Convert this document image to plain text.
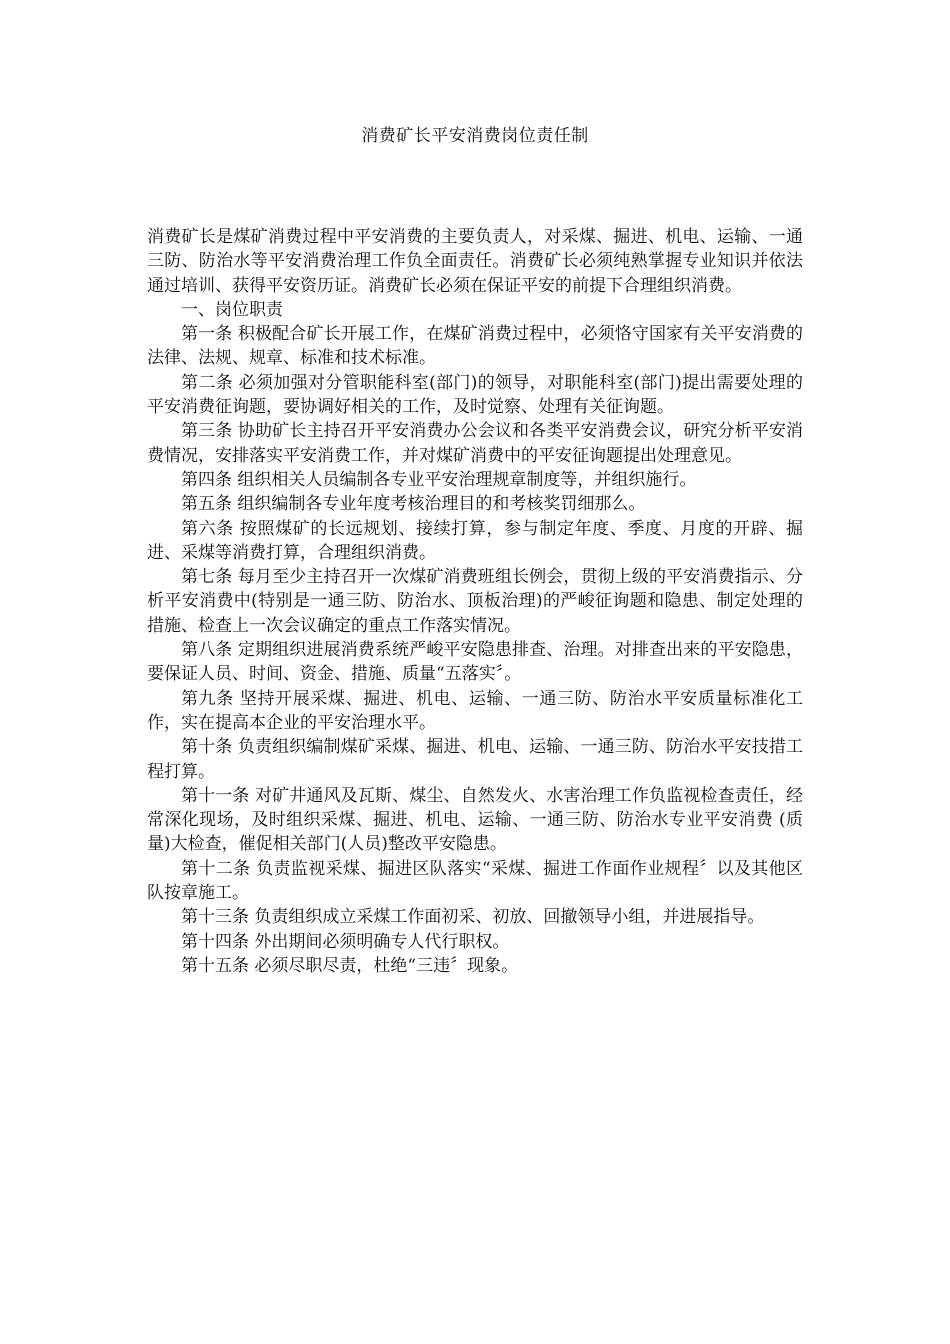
消费矿长平安消费岗位责任制

消费矿长是煤矿消费过程中平安消费的主要负责人，对采煤、掘进、机电、运输、一通三防、防治水等平安消费治理工作负全面责任。消费矿长必须纯熟掌握专业知识并依法通过培训、获得平安资历证。消费矿长必须在保证平安的前提下合理组织消费。

一、岗位职责

第一条 积极配合矿长开展工作，在煤矿消费过程中，必须恪守国家有关平安消费的法律、法规、规章、标准和技术标准。

第二条 必须加强对分管职能科室(部门)的领导，对职能科室(部门)提出需要处理的平安消费征询题，要协调好相关的工作，及时觉察、处理有关征询题。

第三条 协助矿长主持召开平安消费办公会议和各类平安消费会议，研究分析平安消费情况，安排落实平安消费工作，并对煤矿消费中的平安征询题提出处理意见。

第四条 组织相关人员编制各专业平安治理规章制度等，并组织施行。

第五条 组织编制各专业年度考核治理目的和考核奖罚细那么。

第六条 按照煤矿的长远规划、接续打算，参与制定年度、季度、月度的开辟、掘进、采煤等消费打算，合理组织消费。

第七条 每月至少主持召开一次煤矿消费班组长例会，贯彻上级的平安消费指示、分析平安消费中(特别是一通三防、防治水、顶板治理)的严峻征询题和隐患、制定处理的措施、检查上一次会议确定的重点工作落实情况。

第八条 定期组织进展消费系统严峻平安隐患排查、治理。对排查出来的平安隐患，要保证人员、时间、资金、措施、质量“五落实〞。

第九条 坚持开展采煤、掘进、机电、运输、一通三防、防治水平安质量标准化工作，实在提高本企业的平安治理水平。

第十条 负责组织编制煤矿采煤、掘进、机电、运输、一通三防、防治水平安技措工程打算。

第十一条 对矿井通风及瓦斯、煤尘、自然发火、水害治理工作负监视检查责任，经常深化现场，及时组织采煤、掘进、机电、运输、一通三防、防治水专业平安消费 (质量)大检查，催促相关部门(人员)整改平安隐患。

第十二条 负责监视采煤、掘进区队落实“采煤、掘进工作面作业规程〞以及其他区队按章施工。

第十三条 负责组织成立采煤工作面初采、初放、回撤领导小组，并进展指导。

第十四条 外出期间必须明确专人代行职权。

第十五条 必须尽职尽责，杜绝“三违〞现象。
